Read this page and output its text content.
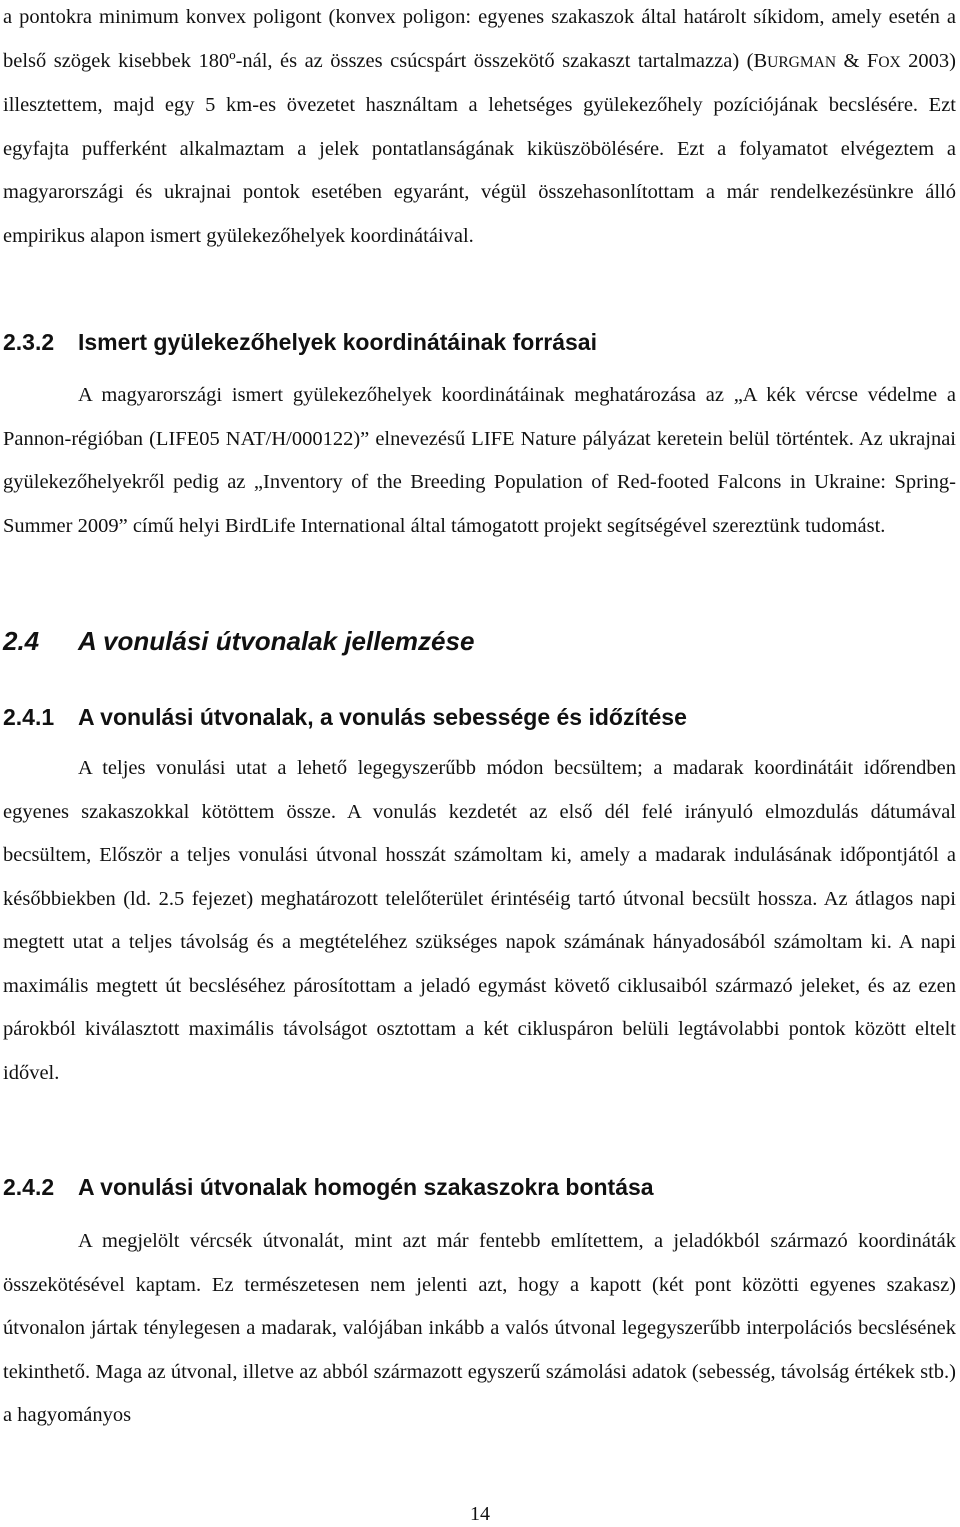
a pontokra minimum konvex poligont (konvex poligon: egyenes szakaszok által határolt síkidom, amely esetén a belső szögek kisebbek 180º-nál, és az összes csúcspárt összekötő szakaszt tartalmazza) (BURGMAN & FOX 2003) illesztettem, majd egy 5 km-es övezetet használtam a lehetséges gyülekezőhely pozíciójának becslésére. Ezt egyfajta pufferként alkalmaztam a jelek pontatlanságának kiküszöbölésére. Ezt a folyamatot elvégeztem a magyarországi és ukrajnai pontok esetében egyaránt, végül összehasonlítottam a már rendelkezésünkre álló empirikus alapon ismert gyülekezőhelyek koordinátáival.

2.3.2 Ismert gyülekezőhelyek koordinátáinak forrásai

A magyarországi ismert gyülekezőhelyek koordinátáinak meghatározása az „A kék vércse védelme a Pannon-régióban (LIFE05 NAT/H/000122)” elnevezésű LIFE Nature pályázat keretein belül történtek. Az ukrajnai gyülekezőhelyekről pedig az „Inventory of the Breeding Population of Red-footed Falcons in Ukraine: Spring-Summer 2009” című helyi BirdLife International által támogatott projekt segítségével szereztünk tudomást.

2.4 A vonulási útvonalak jellemzése
2.4.1 A vonulási útvonalak, a vonulás sebessége és időzítése

A teljes vonulási utat a lehető legegyszerűbb módon becsültem; a madarak koordinátáit időrendben egyenes szakaszokkal kötöttem össze. A vonulás kezdetét az első dél felé irányuló elmozdulás dátumával becsültem, Először a teljes vonulási útvonal hosszát számoltam ki, amely a madarak indulásának időpontjától a későbbiekben (ld. 2.5 fejezet) meghatározott telelőterület érintéséig tartó útvonal becsült hossza. Az átlagos napi megtett utat a teljes távolság és a megtételéhez szükséges napok számának hányadosából számoltam ki. A napi maximális megtett út becsléséhez párosítottam a jeladó egymást követő ciklusaiból származó jeleket, és az ezen párokból kiválasztott maximális távolságot osztottam a két cikluspáron belüli legtávolabbi pontok között eltelt idővel.

2.4.2 A vonulási útvonalak homogén szakaszokra bontása

A megjelölt vércsék útvonalát, mint azt már fentebb említettem, a jeladókból származó koordináták összekötésével kaptam. Ez természetesen nem jelenti azt, hogy a kapott (két pont közötti egyenes szakasz) útvonalon jártak ténylegesen a madarak, valójában inkább a valós útvonal legegyszerűbb interpolációs becslésének tekinthető. Maga az útvonal, illetve az abból származott egyszerű számolási adatok (sebesség, távolság értékek stb.) a hagyományos

14
